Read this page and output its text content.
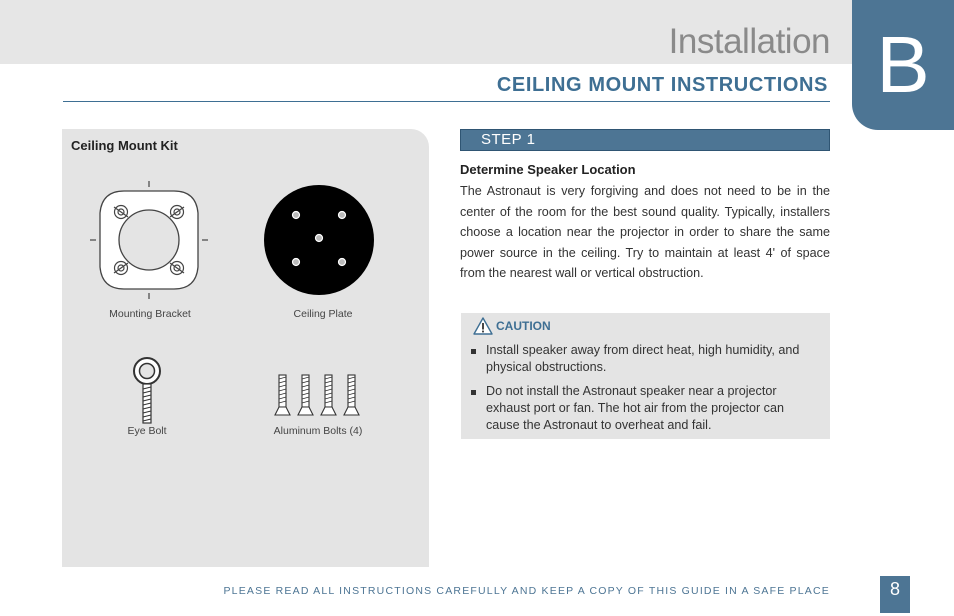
Installation B
CEILING MOUNT INSTRUCTIONS
Ceiling Mount Kit
Mounting Bracket	Ceiling Plate
Eye Bolt	Aluminum Bolts (4)
STEP 1
Determine Speaker Location
The Astronaut is very forgiving and does not need to be in the center of the room for the best sound quality. Typically, installers choose a location near the projector in order to share the same power source in the ceiling. Try to maintain at least 4' of space from the nearest wall or vertical obstruction.
CAUTION
Install speaker away from direct heat, high humidity, and physical obstructions.
Do not install the Astronaut speaker near a projector exhaust port or fan. The hot air from the projector can cause the Astronaut to overheat and fail.
PLEASE READ ALL INSTRUCTIONS CAREFULLY AND KEEP A COPY OF THIS GUIDE IN A SAFE PLACE	8
